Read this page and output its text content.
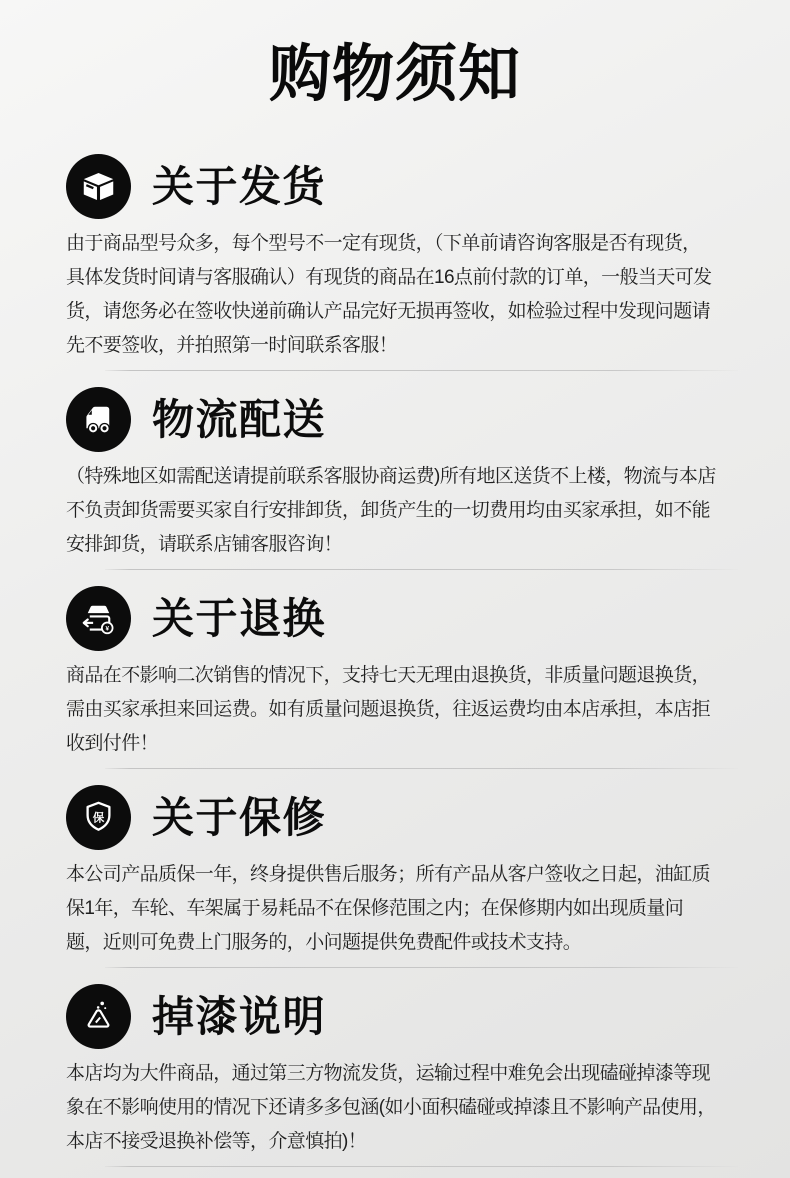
购物须知
关于发货

由于商品型号众多，每个型号不一定有现货，（下单前请咨询客服是否有现货，具体发货时间请与客服确认）有现货的商品在16点前付款的订单，一般当天可发货，请您务必在签收快递前确认产品完好无损再签收，如检验过程中发现问题请先不要签收，并拍照第一时间联系客服！

物流配送

（特殊地区如需配送请提前联系客服协商运费)所有地区送货不上楼，物流与本店不负责卸货需要买家自行安排卸货，卸货产生的一切费用均由买家承担，如不能安排卸货，请联系店铺客服咨询！

¥ 关于退换

商品在不影响二次销售的情况下，支持七天无理由退换货，非质量问题退换货，需由买家承担来回运费。如有质量问题退换货，往返运费均由本店承担，本店拒收到付件！

保 关于保修

本公司产品质保一年，终身提供售后服务；所有产品从客户签收之日起，油缸质保1年，车轮、车架属于易耗品不在保修范围之内；在保修期内如出现质量问题，近则可免费上门服务的，小问题提供免费配件或技术支持。

掉漆说明

本店均为大件商品，通过第三方物流发货，运输过程中难免会出现磕碰掉漆等现象在不影响使用的情况下还请多多包涵(如小面积磕碰或掉漆且不影响产品使用，本店不接受退换补偿等，介意慎拍)！
